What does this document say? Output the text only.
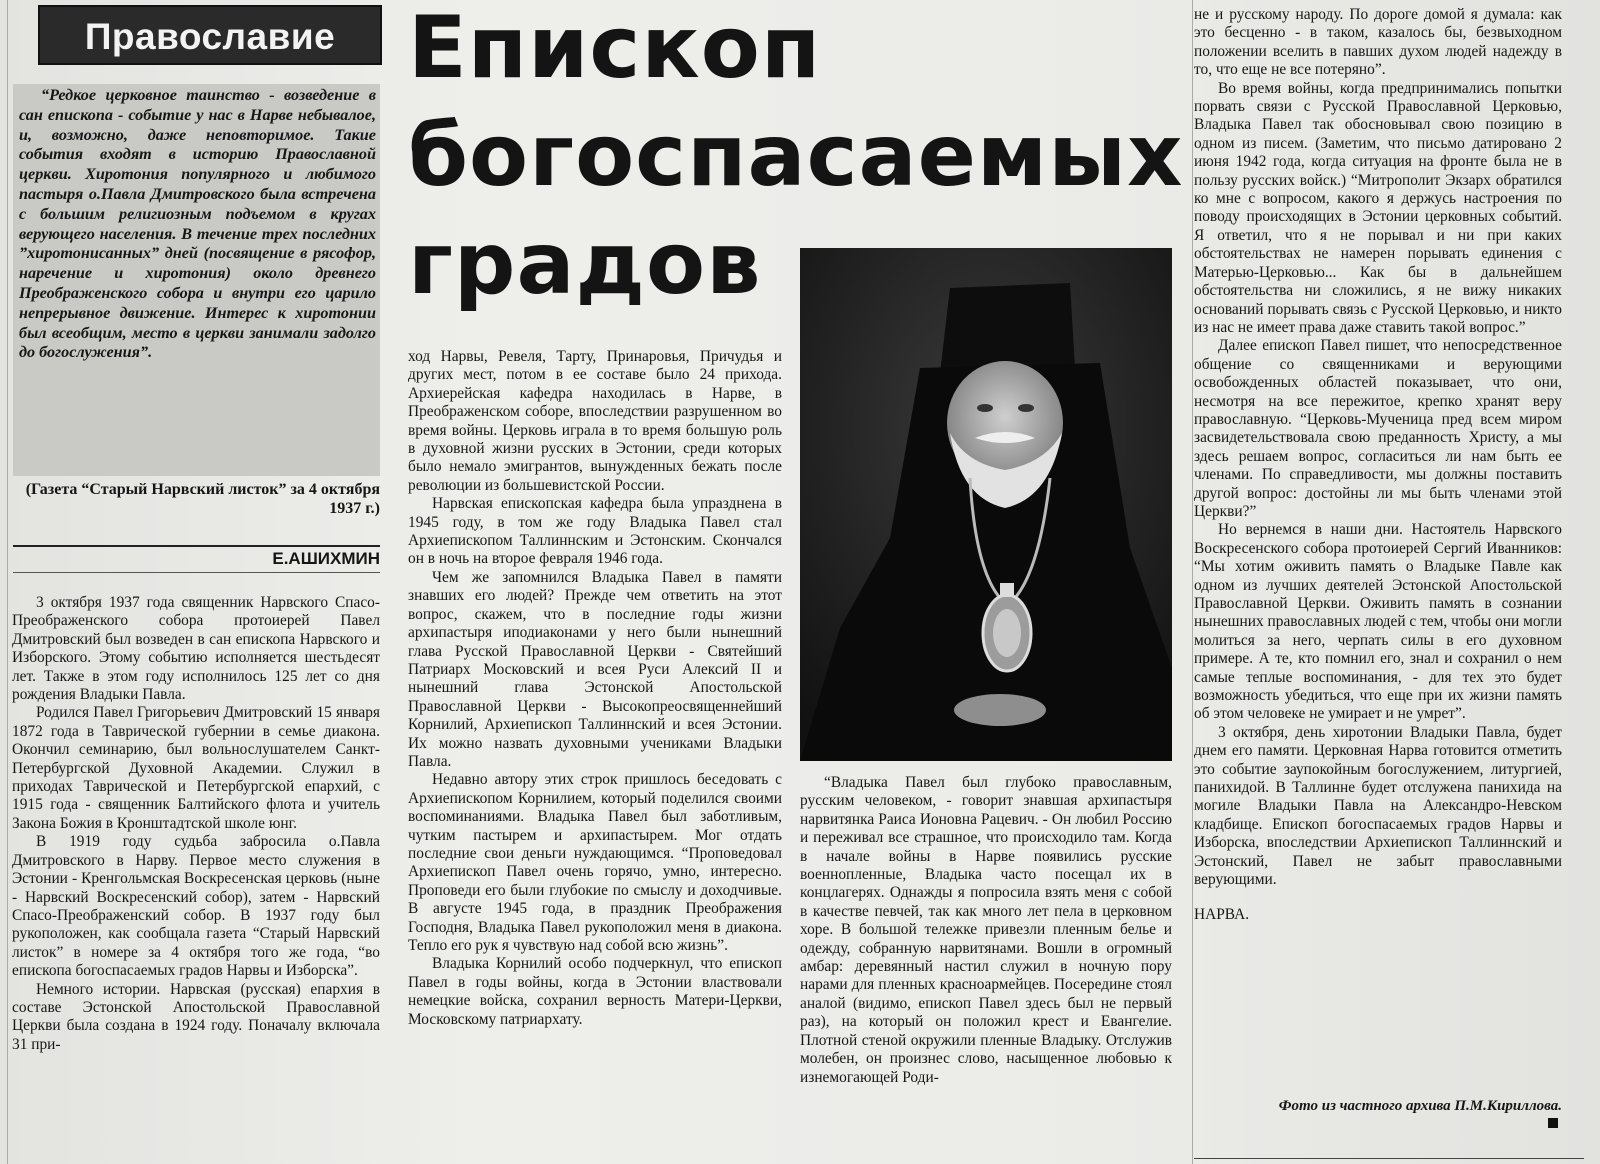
Православие Епископ
богоспасаемых
градов

“Редкое церковное таинство - возведение в сан епископа - событие у нас в Нарве небывалое, и, возможно, даже неповторимое. Такие события входят в историю Православной церкви. Хиротония популярного и любимого пастыря о.Павла Дмитровского была встречена с большим религиозным подъемом в кругах верующего населения. В течение трех последних ”хиротонисанных” дней (посвящение в рясофор, наречение и хиротония) около древнего Преображенского собора и внутри его царило непрерывное движение. Интерес к хиротонии был всеобщим, место в церкви занимали задолго до богослужения”.

(Газета “Старый Нарвский листок” за 4 октября 1937 г.)
Е.АШИХМИН

3 октября 1937 года священник Нарвского Спасо-Преображенского собора протоиерей Павел Дмитровский был возведен в сан епископа Нарвского и Изборского. Этому событию исполняется шестьдесят лет. Также в этом году исполнилось 125 лет со дня рождения Владыки Павла.

Родился Павел Григорьевич Дмитровский 15 января 1872 года в Таврической губернии в семье диакона. Окончил семинарию, был вольнослушателем Санкт-Петербургской Духовной Академии. Служил в приходах Таврической и Петербургской епархий, с 1915 года - священник Балтийского флота и учитель Закона Божия в Кронштадтской школе юнг.

В 1919 году судьба забросила о.Павла Дмитровского в Нарву. Первое место служения в Эстонии - Кренгольмская Воскресенская церковь (ныне - Нарвский Воскресенский собор), затем - Нарвский Спасо-Преображенский собор. В 1937 году был рукоположен, как сообщала газета “Старый Нарвский листок” в номере за 4 октября того же года, “во епископа богоспасаемых градов Нарвы и Изборска”.

Немного истории. Нарвская (русская) епархия в составе Эстонской Апостольской Православной Церкви была создана в 1924 году. Поначалу включала 31 при-

ход Нарвы, Ревеля, Тарту, Принаровья, Причудья и других мест, потом в ее составе было 24 прихода. Архиерейская кафедра находилась в Нарве, в Преображенском соборе, впоследствии разрушенном во время войны. Церковь играла в то время большую роль в духовной жизни русских в Эстонии, среди которых было немало эмигрантов, вынужденных бежать после революции из большевистской России.

Нарвская епископская кафедра была упразднена в 1945 году, в том же году Владыка Павел стал Архиепископом Таллиннским и Эстонским. Скончался он в ночь на второе февраля 1946 года.

Чем же запомнился Владыка Павел в памяти знавших его людей? Прежде чем ответить на этот вопрос, скажем, что в последние годы жизни архипастыря иподиаконами у него были нынешний глава Русской Православной Церкви - Святейший Патриарх Московский и всея Руси Алексий II и нынешний глава Эстонской Апостольской Православной Церкви - Высокопреосвященнейший Корнилий, Архиепископ Таллиннский и всея Эстонии. Их можно назвать духовными учениками Владыки Павла.

Недавно автору этих строк пришлось беседовать с Архиепископом Корнилием, который поделился своими воспоминаниями. Владыка Павел был заботливым, чутким пастырем и архипастырем. Мог отдать последние свои деньги нуждающимся. “Проповедовал Архиепископ Павел очень горячо, умно, интересно. Проповеди его были глубокие по смыслу и доходчивые. В августе 1945 года, в праздник Преображения Господня, Владыка Павел рукоположил меня в диакона. Тепло его рук я чувствую над собой всю жизнь”.

Владыка Корнилий особо подчеркнул, что епископ Павел в годы войны, когда в Эстонии властвовали немецкие войска, сохранил верность Матери-Церкви, Московскому патриархату.

“Владыка Павел был глубоко православным, русским человеком, - говорит знавшая архипастыря нарвитянка Раиса Ионовна Рацевич. - Он любил Россию и переживал все страшное, что происходило там. Когда в начале войны в Нарве появились русские военнопленные, Владыка часто посещал их в концлагерях. Однажды я попросила взять меня с собой в качестве певчей, так как много лет пела в церковном хоре. В большой тележке привезли пленным белье и одежду, собранную нарвитянами. Вошли в огромный амбар: деревянный настил служил в ночную пору нарами для пленных красноармейцев. Посередине стоял аналой (видимо, епископ Павел здесь был не первый раз), на который он положил крест и Евангелие. Плотной стеной окружили пленные Владыку. Отслужив молебен, он произнес слово, насыщенное любовью к изнемогающей Роди-

не и русскому народу. По дороге домой я думала: как это бесценно - в таком, казалось бы, безвыходном положении вселить в павших духом людей надежду в то, что еще не все потеряно”.

Во время войны, когда предпринимались попытки порвать связи с Русской Православной Церковью, Владыка Павел так обосновывал свою позицию в одном из писем. (Заметим, что письмо датировано 2 июня 1942 года, когда ситуация на фронте была не в пользу русских войск.) “Митрополит Экзарх обратился ко мне с вопросом, какого я держусь настроения по поводу происходящих в Эстонии церковных событий. Я ответил, что я не порывал и ни при каких обстоятельствах не намерен порывать единения с Матерью-Церковью... Как бы в дальнейшем обстоятельства ни сложились, я не вижу никаких оснований порывать связь с Русской Церковью, и никто из нас не имеет права даже ставить такой вопрос.”

Далее епископ Павел пишет, что непосредственное общение со священниками и верующими освобожденных областей показывает, что они, несмотря на все пережитое, крепко хранят веру православную. “Церковь-Мученица пред всем миром засвидетельствовала свою преданность Христу, а мы здесь решаем вопрос, согласиться ли нам быть ее членами. По справедливости, мы должны поставить другой вопрос: достойны ли мы быть членами этой Церкви?”

Но вернемся в наши дни. Настоятель Нарвского Воскресенского собора протоиерей Сергий Иванников: “Мы хотим оживить память о Владыке Павле как одном из лучших деятелей Эстонской Апостольской Православной Церкви. Оживить память в сознании нынешних православных людей с тем, чтобы они могли молиться за него, черпать силы в его духовном примере. А те, кто помнил его, знал и сохранил о нем самые теплые воспоминания, - для тех это будет возможность убедиться, что еще при их жизни память об этом человеке не умирает и не умрет”.

3 октября, день хиротонии Владыки Павла, будет днем его памяти. Церковная Нарва готовится отметить это событие заупокойным богослужением, литургией, панихидой. В Таллинне будет отслужена панихида на могиле Владыки Павла на Александро-Невском кладбище. Епископ богоспасаемых градов Нарвы и Изборска, впоследствии Архиепископ Таллиннский и Эстонский, Павел не забыт православными верующими.

НАРВА.

Фото из частного архива П.М.Кириллова.
